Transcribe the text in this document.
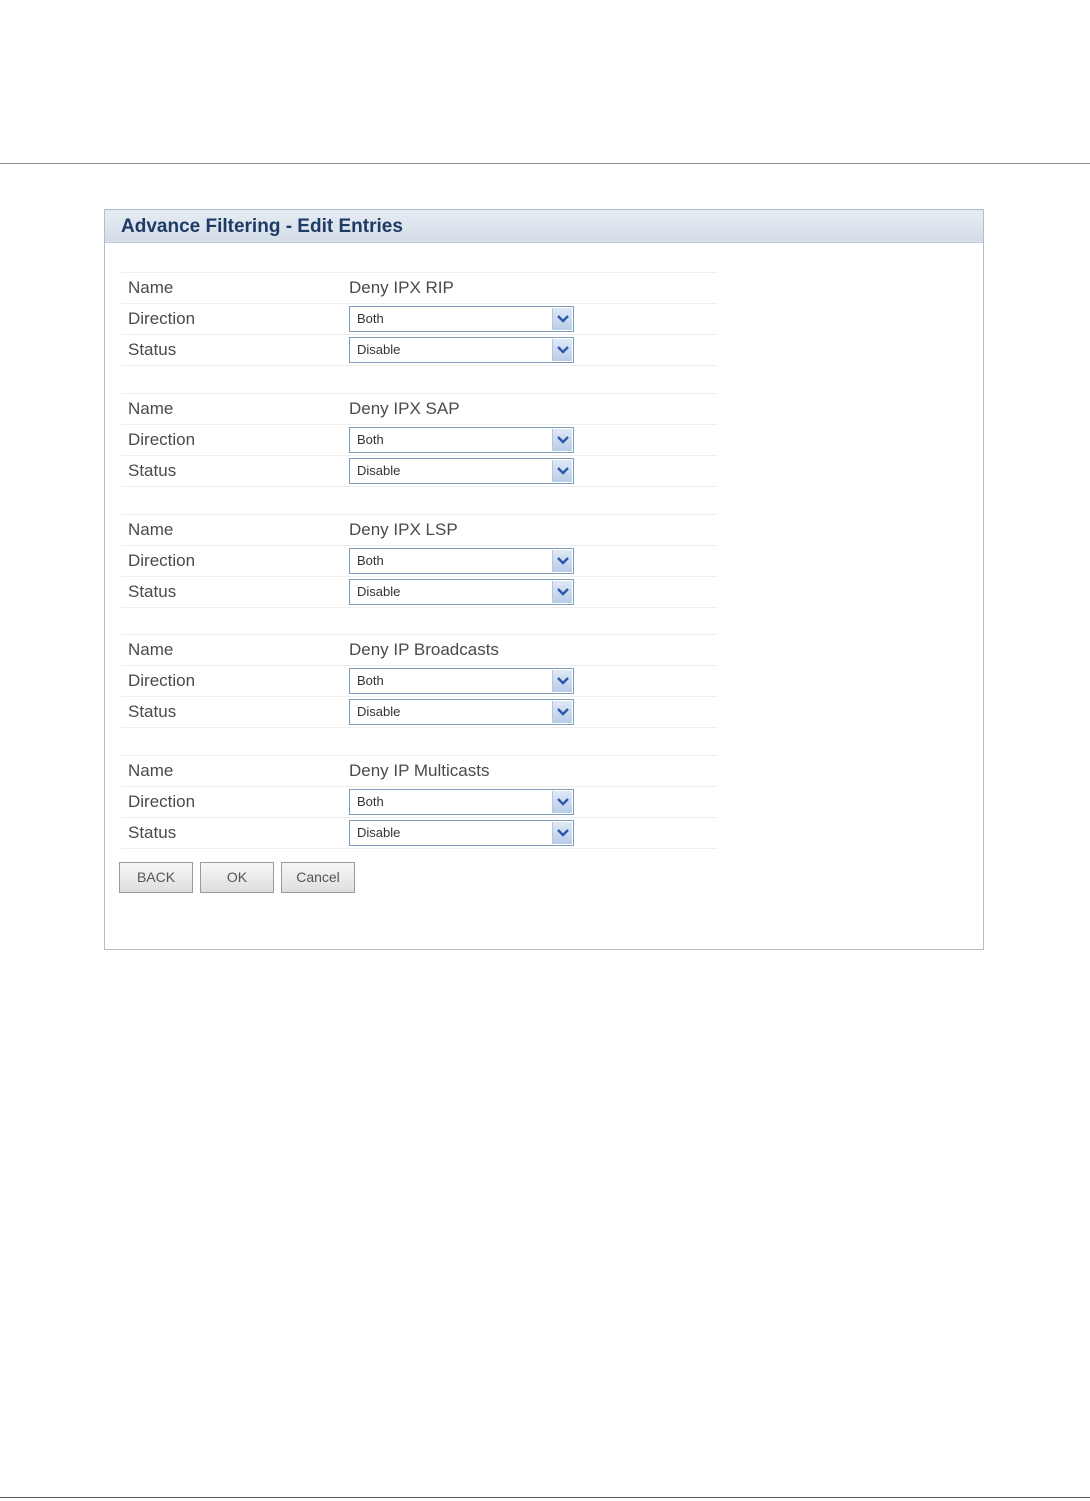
Advance Filtering - Edit Entries
Name	Deny IPX RIP
Direction	Both
Status	Disable
Name	Deny IPX SAP
Direction	Both
Status	Disable
Name	Deny IPX LSP
Direction	Both
Status	Disable
Name	Deny IP Broadcasts
Direction	Both
Status	Disable
Name	Deny IP Multicasts
Direction	Both
Status	Disable
BACK	OK	Cancel
